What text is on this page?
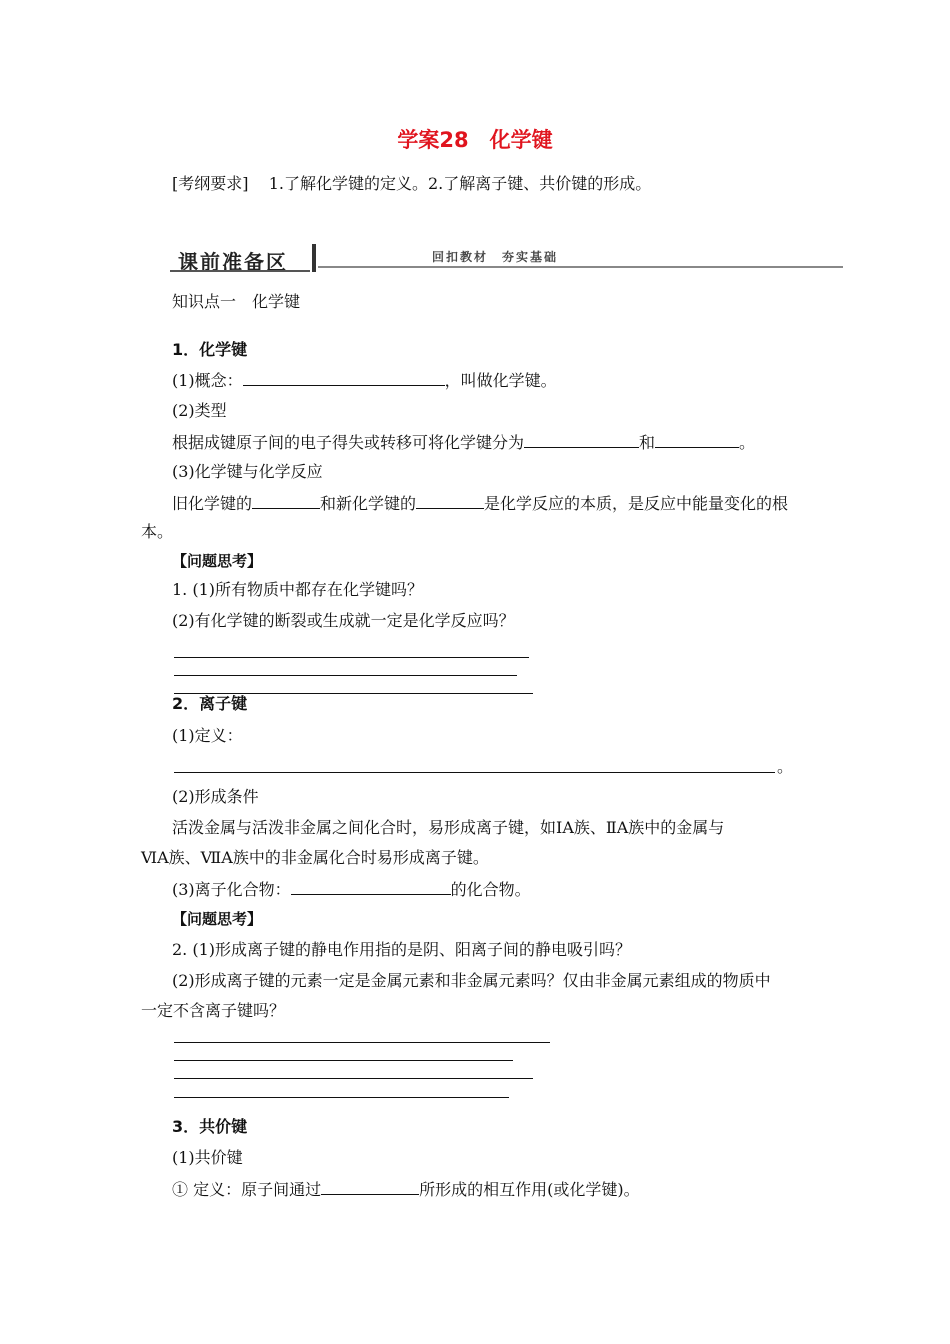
学案28　化学键
[考纲要求] 1.了解化学键的定义。2.了解离子键、共价键的形成。
课前准备区	回扣教材　夯实基础
知识点一　化学键
1．化学键
(1)概念：	，叫做化学键。
(2)类型
根据成键原子间的电子得失或转移可将化学键分为	和	。
(3)化学键与化学反应
旧化学键的	和新化学键的	是化学反应的本质，是反应中能量变化的根
本。
【问题思考】
1. (1)所有物质中都存在化学键吗？
(2)有化学键的断裂或生成就一定是化学反应吗？
2．离子键
(1)定义：
。
(2)形成条件
活泼金属与活泼非金属之间化合时，易形成离子键，如ⅠA族、ⅡA族中的金属与
ⅥA族、ⅦA族中的非金属化合时易形成离子键。
(3)离子化合物：	的化合物。
【问题思考】
2. (1)形成离子键的静电作用指的是阴、阳离子间的静电吸引吗？
(2)形成离子键的元素一定是金属元素和非金属元素吗？仅由非金属元素组成的物质中
一定不含离子键吗？
3．共价键
(1)共价键
① 定义：原子间通过	所形成的相互作用(或化学键)。
